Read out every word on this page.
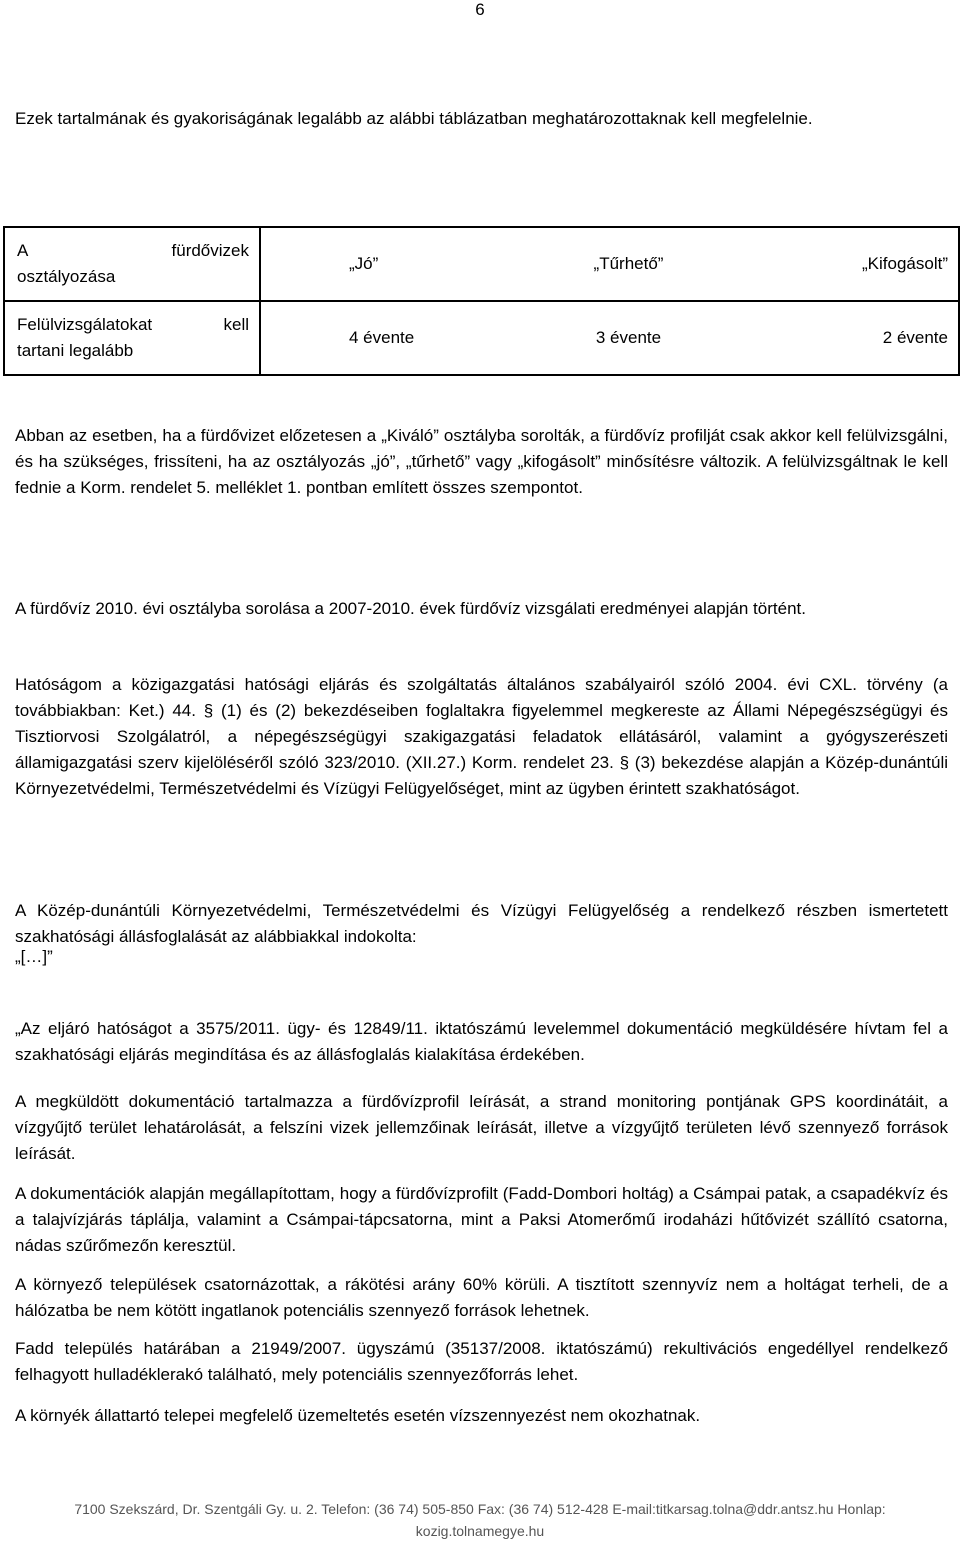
6

Ezek tartalmának és gyakoriságának legalább az alábbi táblázatban meghatározottaknak kell megfelelnie.

A fürdővizek
osztályozása	„Jó” „Tűrhető” „Kifogásolt”

Felülvizsgálatokat kell
tartani legalább	4 évente 3 évente 2 évente

Abban az esetben, ha a fürdővizet előzetesen a „Kiváló” osztályba sorolták, a fürdővíz profilját csak akkor kell felülvizsgálni, és ha szükséges, frissíteni, ha az osztályozás „jó”, „tűrhető” vagy „kifogásolt” minősítésre változik. A felülvizsgáltnak le kell fednie a Korm. rendelet 5. melléklet 1. pontban említett összes szempontot.

A fürdővíz 2010. évi osztályba sorolása a 2007-2010. évek fürdővíz vizsgálati eredményei alapján történt.

Hatóságom a közigazgatási hatósági eljárás és szolgáltatás általános szabályairól szóló 2004. évi CXL. törvény (a továbbiakban: Ket.) 44. § (1) és (2) bekezdéseiben foglaltakra figyelemmel megkereste az Állami Népegészségügyi és Tisztiorvosi Szolgálatról, a népegészségügyi szakigazgatási feladatok ellátásáról, valamint a gyógyszerészeti államigazgatási szerv kijelöléséről szóló 323/2010. (XII.27.) Korm. rendelet 23. § (3) bekezdése alapján a Közép-dunántúli Környezetvédelmi, Természetvédelmi és Vízügyi Felügyelőséget, mint az ügyben érintett szakhatóságot.

A Közép-dunántúli Környezetvédelmi, Természetvédelmi és Vízügyi Felügyelőség a rendelkező részben ismertetett szakhatósági állásfoglalását az alábbiakkal indokolta:

„[…]”

„Az eljáró hatóságot a 3575/2011. ügy- és 12849/11. iktatószámú levelemmel dokumentáció megküldésére hívtam fel a szakhatósági eljárás megindítása és az állásfoglalás kialakítása érdekében.

A megküldött dokumentáció tartalmazza a fürdővízprofil leírását, a strand monitoring pontjának GPS koordinátáit, a vízgyűjtő terület lehatárolását, a felszíni vizek jellemzőinak leírását, illetve a vízgyűjtő területen lévő szennyező források leírását.

A dokumentációk alapján megállapítottam, hogy a fürdővízprofilt (Fadd-Dombori holtág) a Csámpai patak, a csapadékvíz és a talajvízjárás táplálja, valamint a Csámpai-tápcsatorna, mint a Paksi Atomerőmű irodaházi hűtővizét szállító csatorna, nádas szűrőmezőn keresztül.

A környező települések csatornázottak, a rákötési arány 60% körüli. A tisztított szennyvíz nem a holtágat terheli, de a hálózatba be nem kötött ingatlanok potenciális szennyező források lehetnek.

Fadd település határában a 21949/2007. ügyszámú (35137/2008. iktatószámú) rekultivációs engedéllyel rendelkező felhagyott hulladéklerakó található, mely potenciális szennyezőforrás lehet.

A környék állattartó telepei megfelelő üzemeltetés esetén vízszennyezést nem okozhatnak.

7100 Szekszárd, Dr. Szentgáli Gy. u. 2. Telefon: (36 74) 505-850 Fax: (36 74) 512-428 E-mail:titkarsag.tolna@ddr.antsz.hu Honlap:
kozig.tolnamegye.hu
